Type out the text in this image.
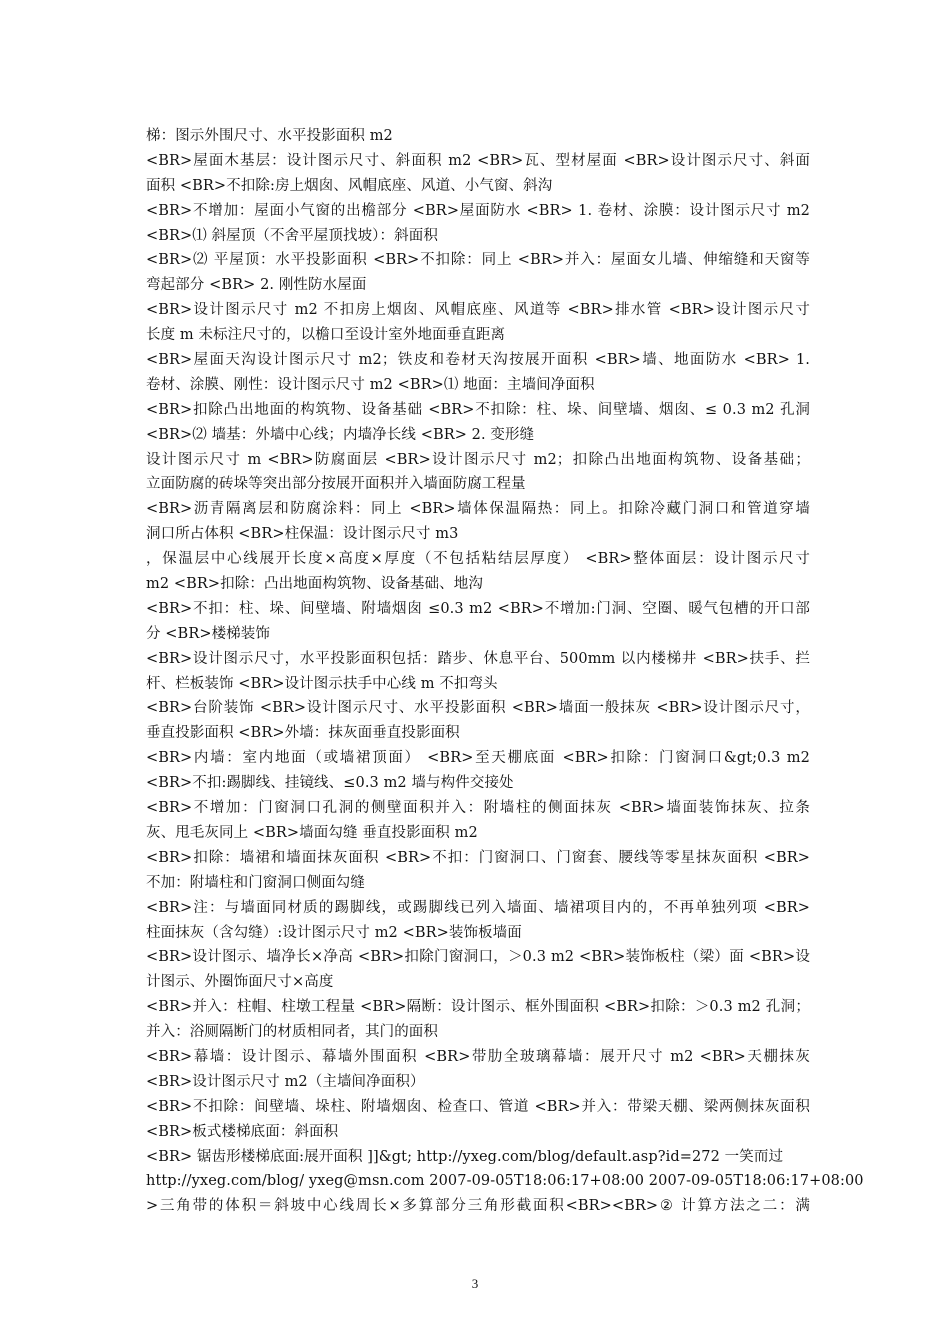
梯：图示外围尺寸、水平投影面积 m2
<BR>屋面木基层：设计图示尺寸、斜面积 m2 <BR>瓦、型材屋面 <BR>设计图示尺寸、斜面
面积 <BR>不扣除:房上烟囱、风帽底座、风道、小气窗、斜沟
<BR>不增加：屋面小气窗的出檐部分 <BR>屋面防水 <BR> 1. 卷材、涂膜：设计图示尺寸 m2
<BR>⑴ 斜屋顶（不舍平屋顶找坡）：斜面积
<BR>⑵ 平屋顶：水平投影面积 <BR>不扣除：同上 <BR>并入：屋面女儿墙、伸缩缝和天窗等
弯起部分 <BR> 2. 刚性防水屋面
<BR>设计图示尺寸 m2 不扣房上烟囱、风帽底座、风道等 <BR>排水管 <BR>设计图示尺寸
长度 m 未标注尺寸的，以檐口至设计室外地面垂直距离
<BR>屋面天沟设计图示尺寸 m2；铁皮和卷材天沟按展开面积 <BR>墙、地面防水 <BR> 1.
卷材、涂膜、刚性：设计图示尺寸 m2 <BR>⑴ 地面：主墙间净面积
<BR>扣除凸出地面的构筑物、设备基础 <BR>不扣除：柱、垛、间壁墙、烟囱、≤ 0.3 m2 孔洞
<BR>⑵ 墙基：外墙中心线；内墙净长线 <BR> 2. 变形缝
设计图示尺寸 m <BR>防腐面层 <BR>设计图示尺寸 m2；扣除凸出地面构筑物、设备基础；
立面防腐的砖垛等突出部分按展开面积并入墙面防腐工程量
<BR>沥青隔离层和防腐涂料：同上 <BR>墙体保温隔热：同上。扣除冷藏门洞口和管道穿墙
洞口所占体积 <BR>柱保温：设计图示尺寸 m3
，保温层中心线展开长度×高度×厚度（不包括粘结层厚度） <BR>整体面层：设计图示尺寸
m2 <BR>扣除：凸出地面构筑物、设备基础、地沟
<BR>不扣：柱、垛、间壁墙、附墙烟囱 ≤0.3 m2 <BR>不增加:门洞、空圈、暖气包槽的开口部
分 <BR>楼梯装饰
<BR>设计图示尺寸，水平投影面积包括：踏步、休息平台、500mm 以内楼梯井 <BR>扶手、拦
杆、栏板装饰 <BR>设计图示扶手中心线 m 不扣弯头
<BR>台阶装饰 <BR>设计图示尺寸、水平投影面积 <BR>墙面一般抹灰 <BR>设计图示尺寸，
垂直投影面积 <BR>外墙：抹灰面垂直投影面积
<BR>内墙：室内地面（或墙裙顶面） <BR>至天棚底面 <BR>扣除：门窗洞口&gt;0.3 m2
<BR>不扣:踢脚线、挂镜线、≤0.3 m2 墙与构件交接处
<BR>不增加：门窗洞口孔洞的侧壁面积并入：附墙柱的侧面抹灰 <BR>墙面装饰抹灰、拉条
灰、甩毛灰同上 <BR>墙面勾缝 垂直投影面积 m2
<BR>扣除：墙裙和墙面抹灰面积 <BR>不扣：门窗洞口、门窗套、腰线等零星抹灰面积 <BR>
不加：附墙柱和门窗洞口侧面勾缝
<BR>注：与墙面同材质的踢脚线，或踢脚线已列入墙面、墙裙项目内的，不再单独列项 <BR>
柱面抹灰（含勾缝）:设计图示尺寸 m2 <BR>装饰板墙面
<BR>设计图示、墙净长×净高 <BR>扣除门窗洞口，＞0.3 m2 <BR>装饰板柱（梁）面 <BR>设
计图示、外圈饰面尺寸×高度
<BR>并入：柱帽、柱墩工程量 <BR>隔断：设计图示、框外围面积 <BR>扣除：＞0.3 m2 孔洞；
并入：浴厕隔断门的材质相同者，其门的面积
<BR>幕墙：设计图示、幕墙外围面积 <BR>带肋全玻璃幕墙：展开尺寸 m2 <BR>天棚抹灰
<BR>设计图示尺寸 m2（主墙间净面积）
<BR>不扣除：间壁墙、垛柱、附墙烟囱、检查口、管道 <BR>并入：带梁天棚、梁两侧抹灰面积
<BR>板式楼梯底面：斜面积
<BR> 锯齿形楼梯底面:展开面积 ]]&gt; http://yxeg.com/blog/default.asp?id=272 一笑而过
http://yxeg.com/blog/ yxeg@msn.com 2007-09-05T18:06:17+08:00 2007-09-05T18:06:17+08:00
>三角带的体积＝斜坡中心线周长×多算部分三角形截面积<BR><BR>② 计算方法之二：满
3
